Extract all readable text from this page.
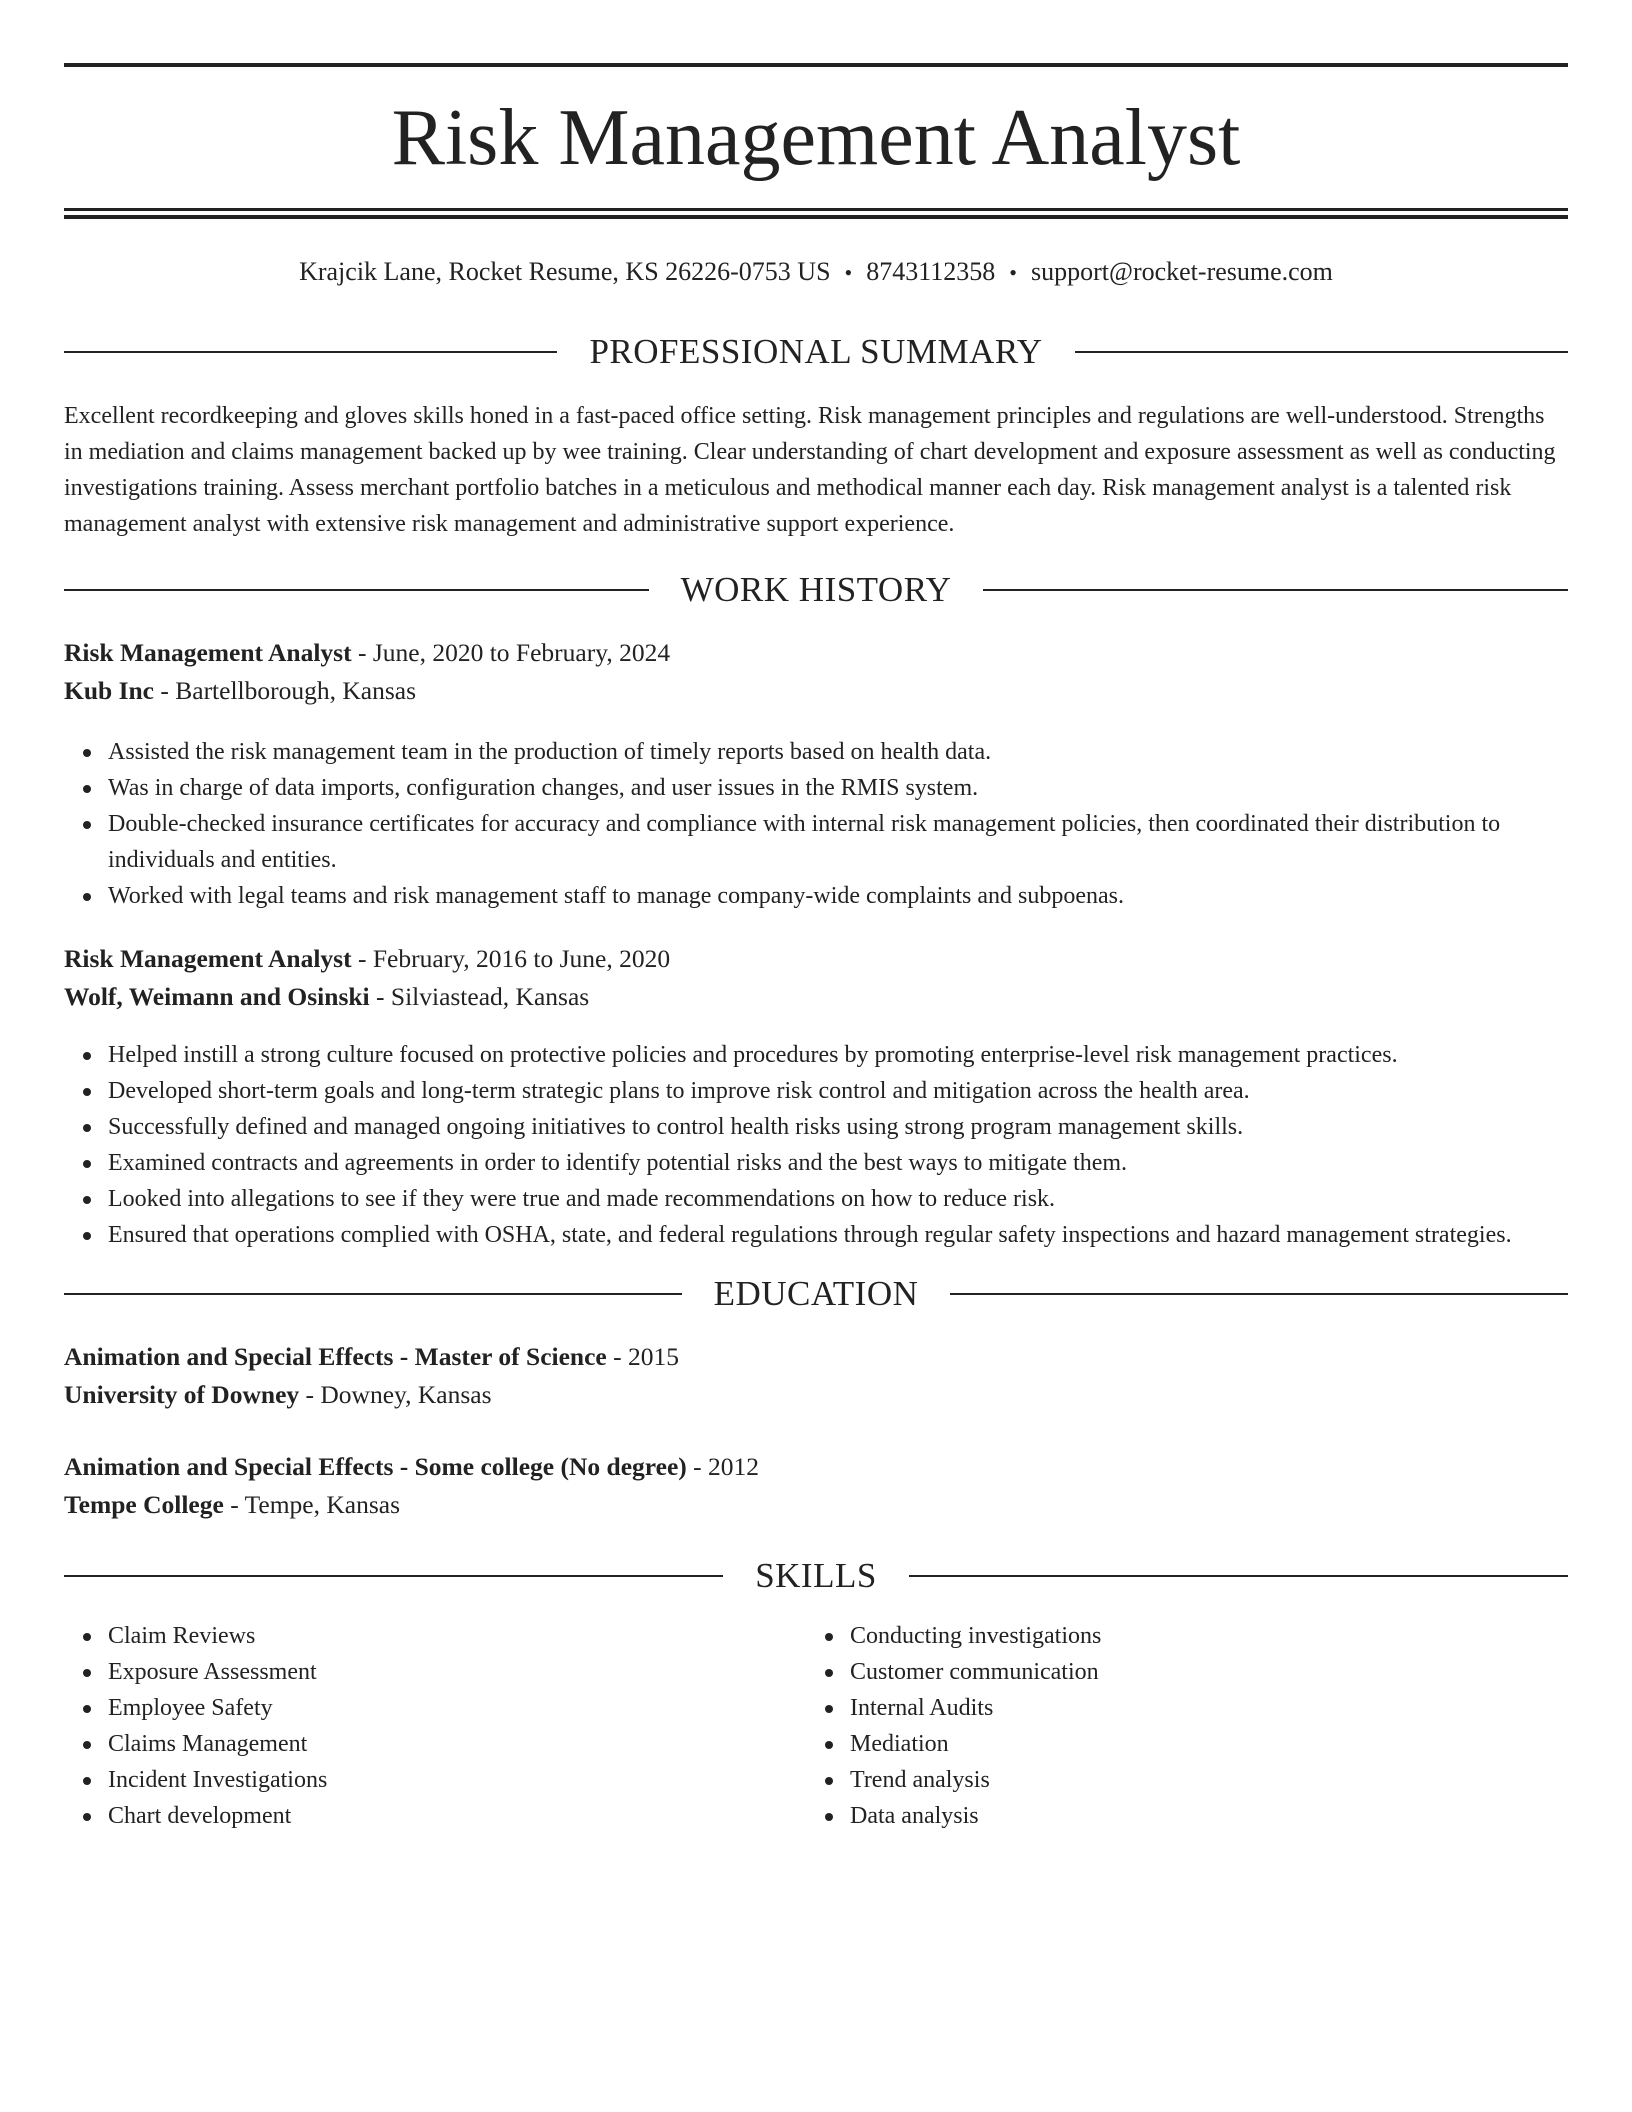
Risk Management Analyst
Krajcik Lane, Rocket Resume, KS 26226-0753 US • 8743112358 • support@rocket-resume.com
PROFESSIONAL SUMMARY

Excellent recordkeeping and gloves skills honed in a fast-paced office setting. Risk management principles and regulations are well-understood. Strengths in mediation and claims management backed up by wee training. Clear understanding of chart development and exposure assessment as well as conducting investigations training. Assess merchant portfolio batches in a meticulous and methodical manner each day. Risk management analyst is a talented risk management analyst with extensive risk management and administrative support experience.

WORK HISTORY
Risk Management Analyst - June, 2020 to February, 2024
Kub Inc - Bartellborough, Kansas
Assisted the risk management team in the production of timely reports based on health data.
Was in charge of data imports, configuration changes, and user issues in the RMIS system.
Double-checked insurance certificates for accuracy and compliance with internal risk management policies, then coordinated their distribution to individuals and entities.
Worked with legal teams and risk management staff to manage company-wide complaints and subpoenas.
Risk Management Analyst - February, 2016 to June, 2020
Wolf, Weimann and Osinski - Silviastead, Kansas
Helped instill a strong culture focused on protective policies and procedures by promoting enterprise-level risk management practices.
Developed short-term goals and long-term strategic plans to improve risk control and mitigation across the health area.
Successfully defined and managed ongoing initiatives to control health risks using strong program management skills.
Examined contracts and agreements in order to identify potential risks and the best ways to mitigate them.
Looked into allegations to see if they were true and made recommendations on how to reduce risk.
Ensured that operations complied with OSHA, state, and federal regulations through regular safety inspections and hazard management strategies.
EDUCATION
Animation and Special Effects - Master of Science - 2015
University of Downey - Downey, Kansas
Animation and Special Effects - Some college (No degree) - 2012
Tempe College - Tempe, Kansas
SKILLS
Claim Reviews
Exposure Assessment
Employee Safety
Claims Management
Incident Investigations
Chart development
Conducting investigations
Customer communication
Internal Audits
Mediation
Trend analysis
Data analysis
